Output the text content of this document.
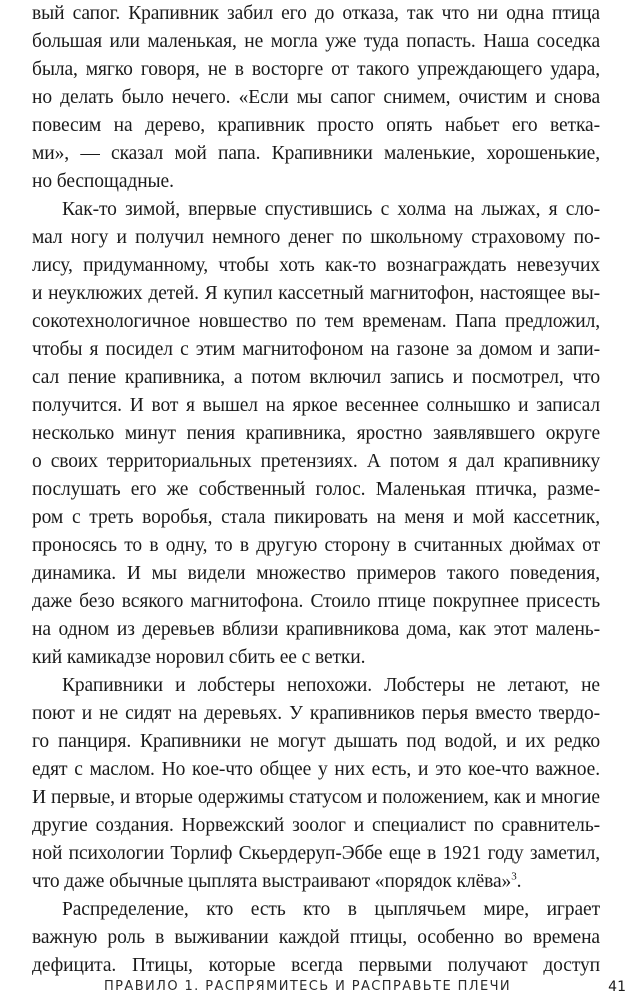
вый сапог. Крапивник забил его до отказа, так что ни одна птица
большая или маленькая, не могла уже туда попасть. Наша соседка
была, мягко говоря, не в восторге от такого упреждающего удара,
но делать было нечего. «Если мы сапог снимем, очистим и снова
повесим на дерево, крапивник просто опять набьет его ветка-
ми», — сказал мой папа. Крапивники маленькие, хорошенькие,
но беспощадные.
Как-то зимой, впервые спустившись с холма на лыжах, я сло-
мал ногу и получил немного денег по школьному страховому по-
лису, придуманному, чтобы хоть как-то вознаграждать невезучих
и неуклюжих детей. Я купил кассетный магнитофон, настоящее вы-
сокотехнологичное новшество по тем временам. Папа предложил,
чтобы я посидел с этим магнитофоном на газоне за домом и запи-
сал пение крапивника, а потом включил запись и посмотрел, что
получится. И вот я вышел на яркое весеннее солнышко и записал
несколько минут пения крапивника, яростно заявлявшего округе
о своих территориальных претензиях. А потом я дал крапивнику
послушать его же собственный голос. Маленькая птичка, разме-
ром с треть воробья, стала пикировать на меня и мой кассетник,
проносясь то в одну, то в другую сторону в считанных дюймах от
динамика. И мы видели множество примеров такого поведения,
даже безо всякого магнитофона. Стоило птице покрупнее присесть
на одном из деревьев вблизи крапивникова дома, как этот малень-
кий камикадзе норовил сбить ее с ветки.
Крапивники и лобстеры непохожи. Лобстеры не летают, не
поют и не сидят на деревьях. У крапивников перья вместо твердо-
го панциря. Крапивники не могут дышать под водой, и их редко
едят с маслом. Но кое-что общее у них есть, и это кое-что важное.
И первые, и вторые одержимы статусом и положением, как и многие
другие создания. Норвежский зоолог и специалист по сравнитель-
ной психологии Торлиф Скьердеруп-Эббе еще в 1921 году заметил,
что даже обычные цыплята выстраивают «порядок клёва»$^3$.
Распределение, кто есть кто в цыплячьем мире, играет
важную роль в выживании каждой птицы, особенно во времена
дефицита. Птицы, которые всегда первыми получают доступ
ПРАВИЛО 1. РАСПРЯМИТЕСЬ И РАСПРАВЬТЕ ПЛЕЧИ	41
